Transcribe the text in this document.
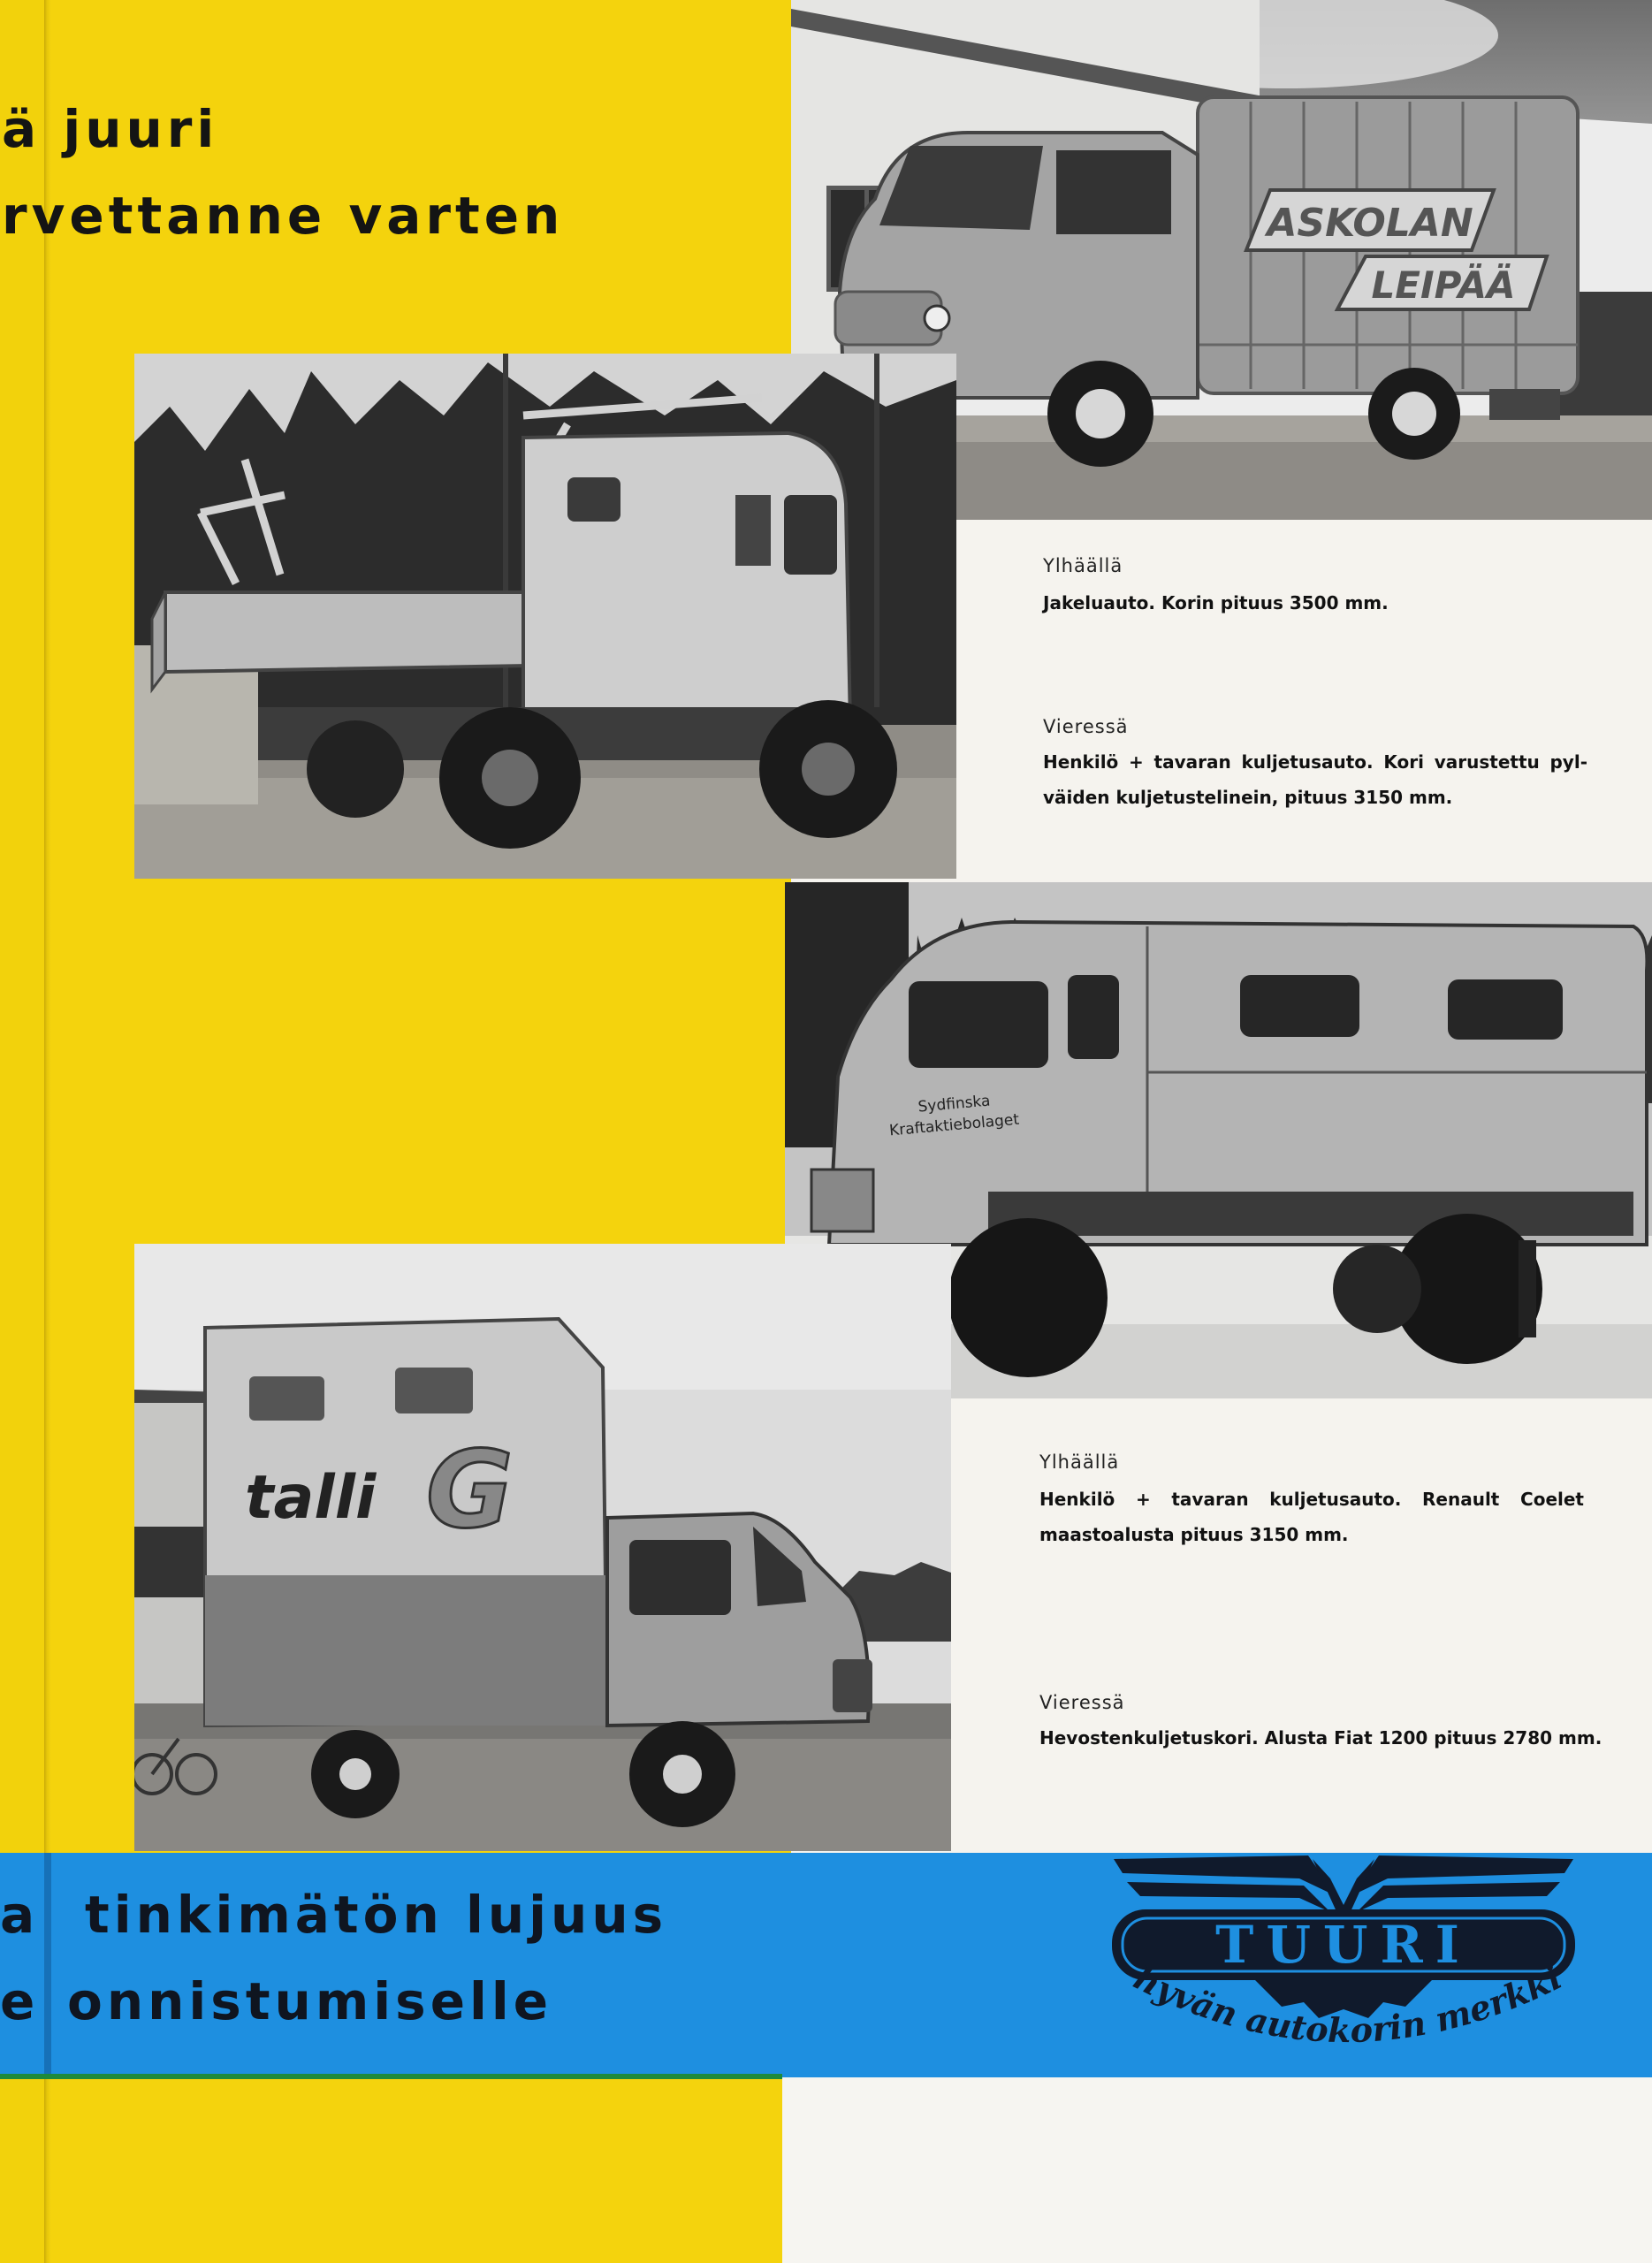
ä juuri
rvettanne varten	ASKOLAN
LEIPÄÄ
Sydfinska
Kraftaktiebolaget
talli G
Ylhäällä
Jakeluauto. Korin pituus 3500 mm.
Vieressä
Henkilö + tavaran kuljetusauto. Kori varustettu pyl- väiden kuljetustelinein, pituus 3150 mm.
Ylhäällä
Henkilö + tavaran kuljetusauto. Renault Coelet maastoalusta pituus 3150 mm.
Vieressä
Hevostenkuljetuskori. Alusta Fiat 1200 pituus 2780 mm.
a tinkimätön lujuus
e onnistumiselle
TUURI
hyvän autokorin merkki
